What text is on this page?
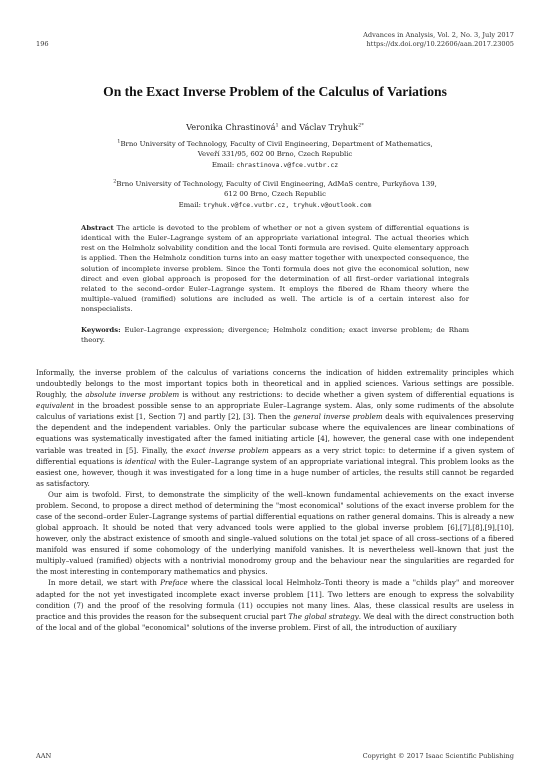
Advances in Analysis, Vol. 2, No. 3, July 2017
https://dx.doi.org/10.22606/aan.2017.23005
196
On the Exact Inverse Problem of the Calculus of Variations
Veronika Chrastinová$^1$ and Václav Tryhuk$^{2*}$
$^1$Brno University of Technology, Faculty of Civil Engineering, Department of Mathematics,
Veveří 331/95, 602 00 Brno, Czech Republic
Email: chrastinova.v@fce.vutbr.cz
$^2$Brno University of Technology, Faculty of Civil Engineering, AdMaS centre, Purkyňova 139,
612 00 Brno, Czech Republic
Email: tryhuk.v@fce.vutbr.cz, tryhuk.v@outlook.com
Abstract The article is devoted to the problem of whether or not a given system of differential equations is identical with the Euler–Lagrange system of an appropriate variational integral. The actual theories which rest on the Helmholz solvability condition and the local Tonti formula are revised. Quite elementary approach is applied. Then the Helmholz condition turns into an easy matter together with unexpected consequence, the solution of incomplete inverse problem. Since the Tonti formula does not give the economical solution, new direct and even global approach is proposed for the determination of all first–order variational integrals related to the second–order Euler–Lagrange system. It employs the fibered de Rham theory where the multiple–valued (ramified) solutions are included as well. The article is of a certain interest also for nonspecialists.
Keywords: Euler–Lagrange expression; divergence; Helmholz condition; exact inverse problem; de Rham theory.

Informally, the inverse problem of the calculus of variations concerns the indication of hidden extremality principles which undoubtedly belongs to the most important topics both in theoretical and in applied sciences. Various settings are possible. Roughly, the absolute inverse problem is without any restrictions: to decide whether a given system of differential equations is equivalent in the broadest possible sense to an appropriate Euler–Lagrange system. Alas, only some rudiments of the absolute calculus of variations exist [1, Section 7] and partly [2], [3]. Then the general inverse problem deals with equivalences preserving the dependent and the independent variables. Only the particular subcase where the equivalences are linear combinations of equations was systematically investigated after the famed initiating article [4], however, the general case with one independent variable was treated in [5]. Finally, the exact inverse problem appears as a very strict topic: to determine if a given system of differential equations is identical with the Euler–Lagrange system of an appropriate variational integral. This problem looks as the easiest one, however, though it was investigated for a long time in a huge number of articles, the results still cannot be regarded as satisfactory.

Our aim is twofold. First, to demonstrate the simplicity of the well–known fundamental achievements on the exact inverse problem. Second, to propose a direct method of determining the "most economical" solutions of the exact inverse problem for the case of the second–order Euler–Lagrange systems of partial differential equations on rather general domains. This is already a new global approach. It should be noted that very advanced tools were applied to the global inverse problem [6],[7],[8],[9],[10], however, only the abstract existence of smooth and single–valued solutions on the total jet space of all cross–sections of a fibered manifold was ensured if some cohomology of the underlying manifold vanishes. It is nevertheless well–known that just the multiply–valued (ramified) objects with a nontrivial monodromy group and the behaviour near the singularities are regarded for the most interesting in contemporary mathematics and physics.

In more detail, we start with Preface where the classical local Helmholz–Tonti theory is made a "childs play" and moreover adapted for the not yet investigated incomplete exact inverse problem [11]. Two letters are enough to express the solvability condition (7) and the proof of the resolving formula (11) occupies not many lines. Alas, these classical results are useless in practice and this provides the reason for the subsequent crucial part The global strategy. We deal with the direct construction both of the local and of the global "economical" solutions of the inverse problem. First of all, the introduction of auxiliary

AAN	Copyright © 2017 Isaac Scientific Publishing
